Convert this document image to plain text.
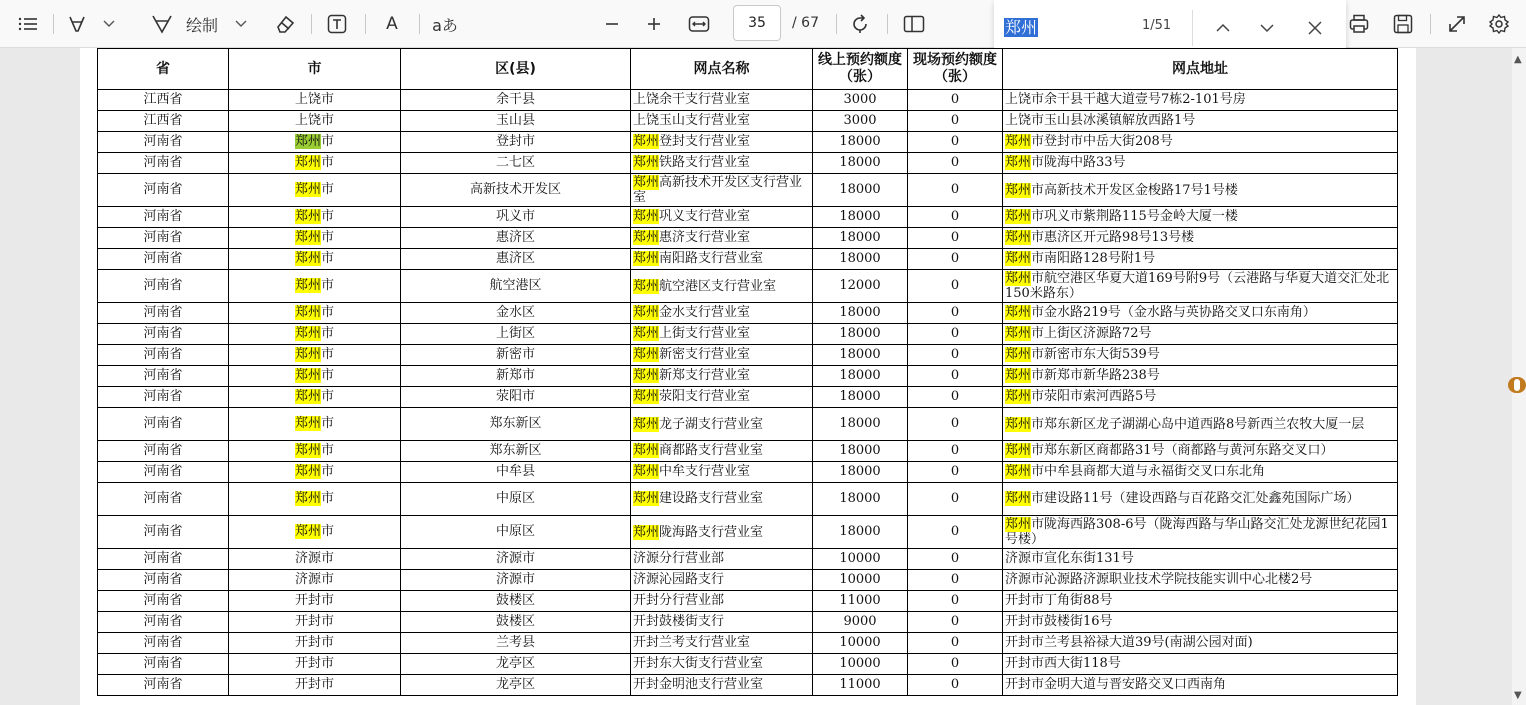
绘制	A	aあ	35	/ 67	郑州	1/51
省	市	区(县)	网点名称	线上预约额度（张）	现场预约额度（张）	网点地址
江西省	上饶市	余干县	上饶余干支行营业室	3000	0	上饶市余干县干越大道壹号7栋2-101号房
江西省	上饶市	玉山县	上饶玉山支行营业室	3000	0	上饶市玉山县冰溪镇解放西路1号
河南省	郑州市	登封市	郑州登封支行营业室	18000	0	郑州市登封市中岳大街208号
河南省	郑州市	二七区	郑州铁路支行营业室	18000	0	郑州市陇海中路33号
河南省	郑州市	高新技术开发区	郑州高新技术开发区支行营业室	18000	0	郑州市高新技术开发区金梭路17号1号楼
河南省	郑州市	巩义市	郑州巩义支行营业室	18000	0	郑州市巩义市紫荆路115号金岭大厦一楼
河南省	郑州市	惠济区	郑州惠济支行营业室	18000	0	郑州市惠济区开元路98号13号楼
河南省	郑州市	惠济区	郑州南阳路支行营业室	18000	0	郑州市南阳路128号附1号
河南省	郑州市	航空港区	郑州航空港区支行营业室	12000	0	郑州市航空港区华夏大道169号附9号（云港路与华夏大道交汇处北150米路东）
河南省	郑州市	金水区	郑州金水支行营业室	18000	0	郑州市金水路219号（金水路与英协路交叉口东南角）
河南省	郑州市	上街区	郑州上街支行营业室	18000	0	郑州市上街区济源路72号
河南省	郑州市	新密市	郑州新密支行营业室	18000	0	郑州市新密市东大街539号
河南省	郑州市	新郑市	郑州新郑支行营业室	18000	0	郑州市新郑市新华路238号
河南省	郑州市	荥阳市	郑州荥阳支行营业室	18000	0	郑州市荥阳市索河西路5号
河南省	郑州市	郑东新区	郑州龙子湖支行营业室	18000	0	郑州市郑东新区龙子湖湖心岛中道西路8号新西兰农牧大厦一层
河南省	郑州市	郑东新区	郑州商都路支行营业室	18000	0	郑州市郑东新区商都路31号（商都路与黄河东路交叉口）
河南省	郑州市	中牟县	郑州中牟支行营业室	18000	0	郑州市中牟县商都大道与永福街交叉口东北角
河南省	郑州市	中原区	郑州建设路支行营业室	18000	0	郑州市建设路11号（建设西路与百花路交汇处鑫苑国际广场）
河南省	郑州市	中原区	郑州陇海路支行营业室	18000	0	郑州市陇海西路308-6号（陇海西路与华山路交汇处龙源世纪花园1号楼）
河南省	济源市	济源市	济源分行营业部	10000	0	济源市宣化东街131号
河南省	济源市	济源市	济源沁园路支行	10000	0	济源市沁源路济源职业技术学院技能实训中心北楼2号
河南省	开封市	鼓楼区	开封分行营业部	11000	0	开封市丁角街88号
河南省	开封市	鼓楼区	开封鼓楼街支行	9000	0	开封市鼓楼街16号
河南省	开封市	兰考县	开封兰考支行营业室	10000	0	开封市兰考县裕禄大道39号(南湖公园对面)
河南省	开封市	龙亭区	开封东大街支行营业室	10000	0	开封市西大街118号
河南省	开封市	龙亭区	开封金明池支行营业室	11000	0	开封市金明大道与晋安路交叉口西南角
▲
▼
